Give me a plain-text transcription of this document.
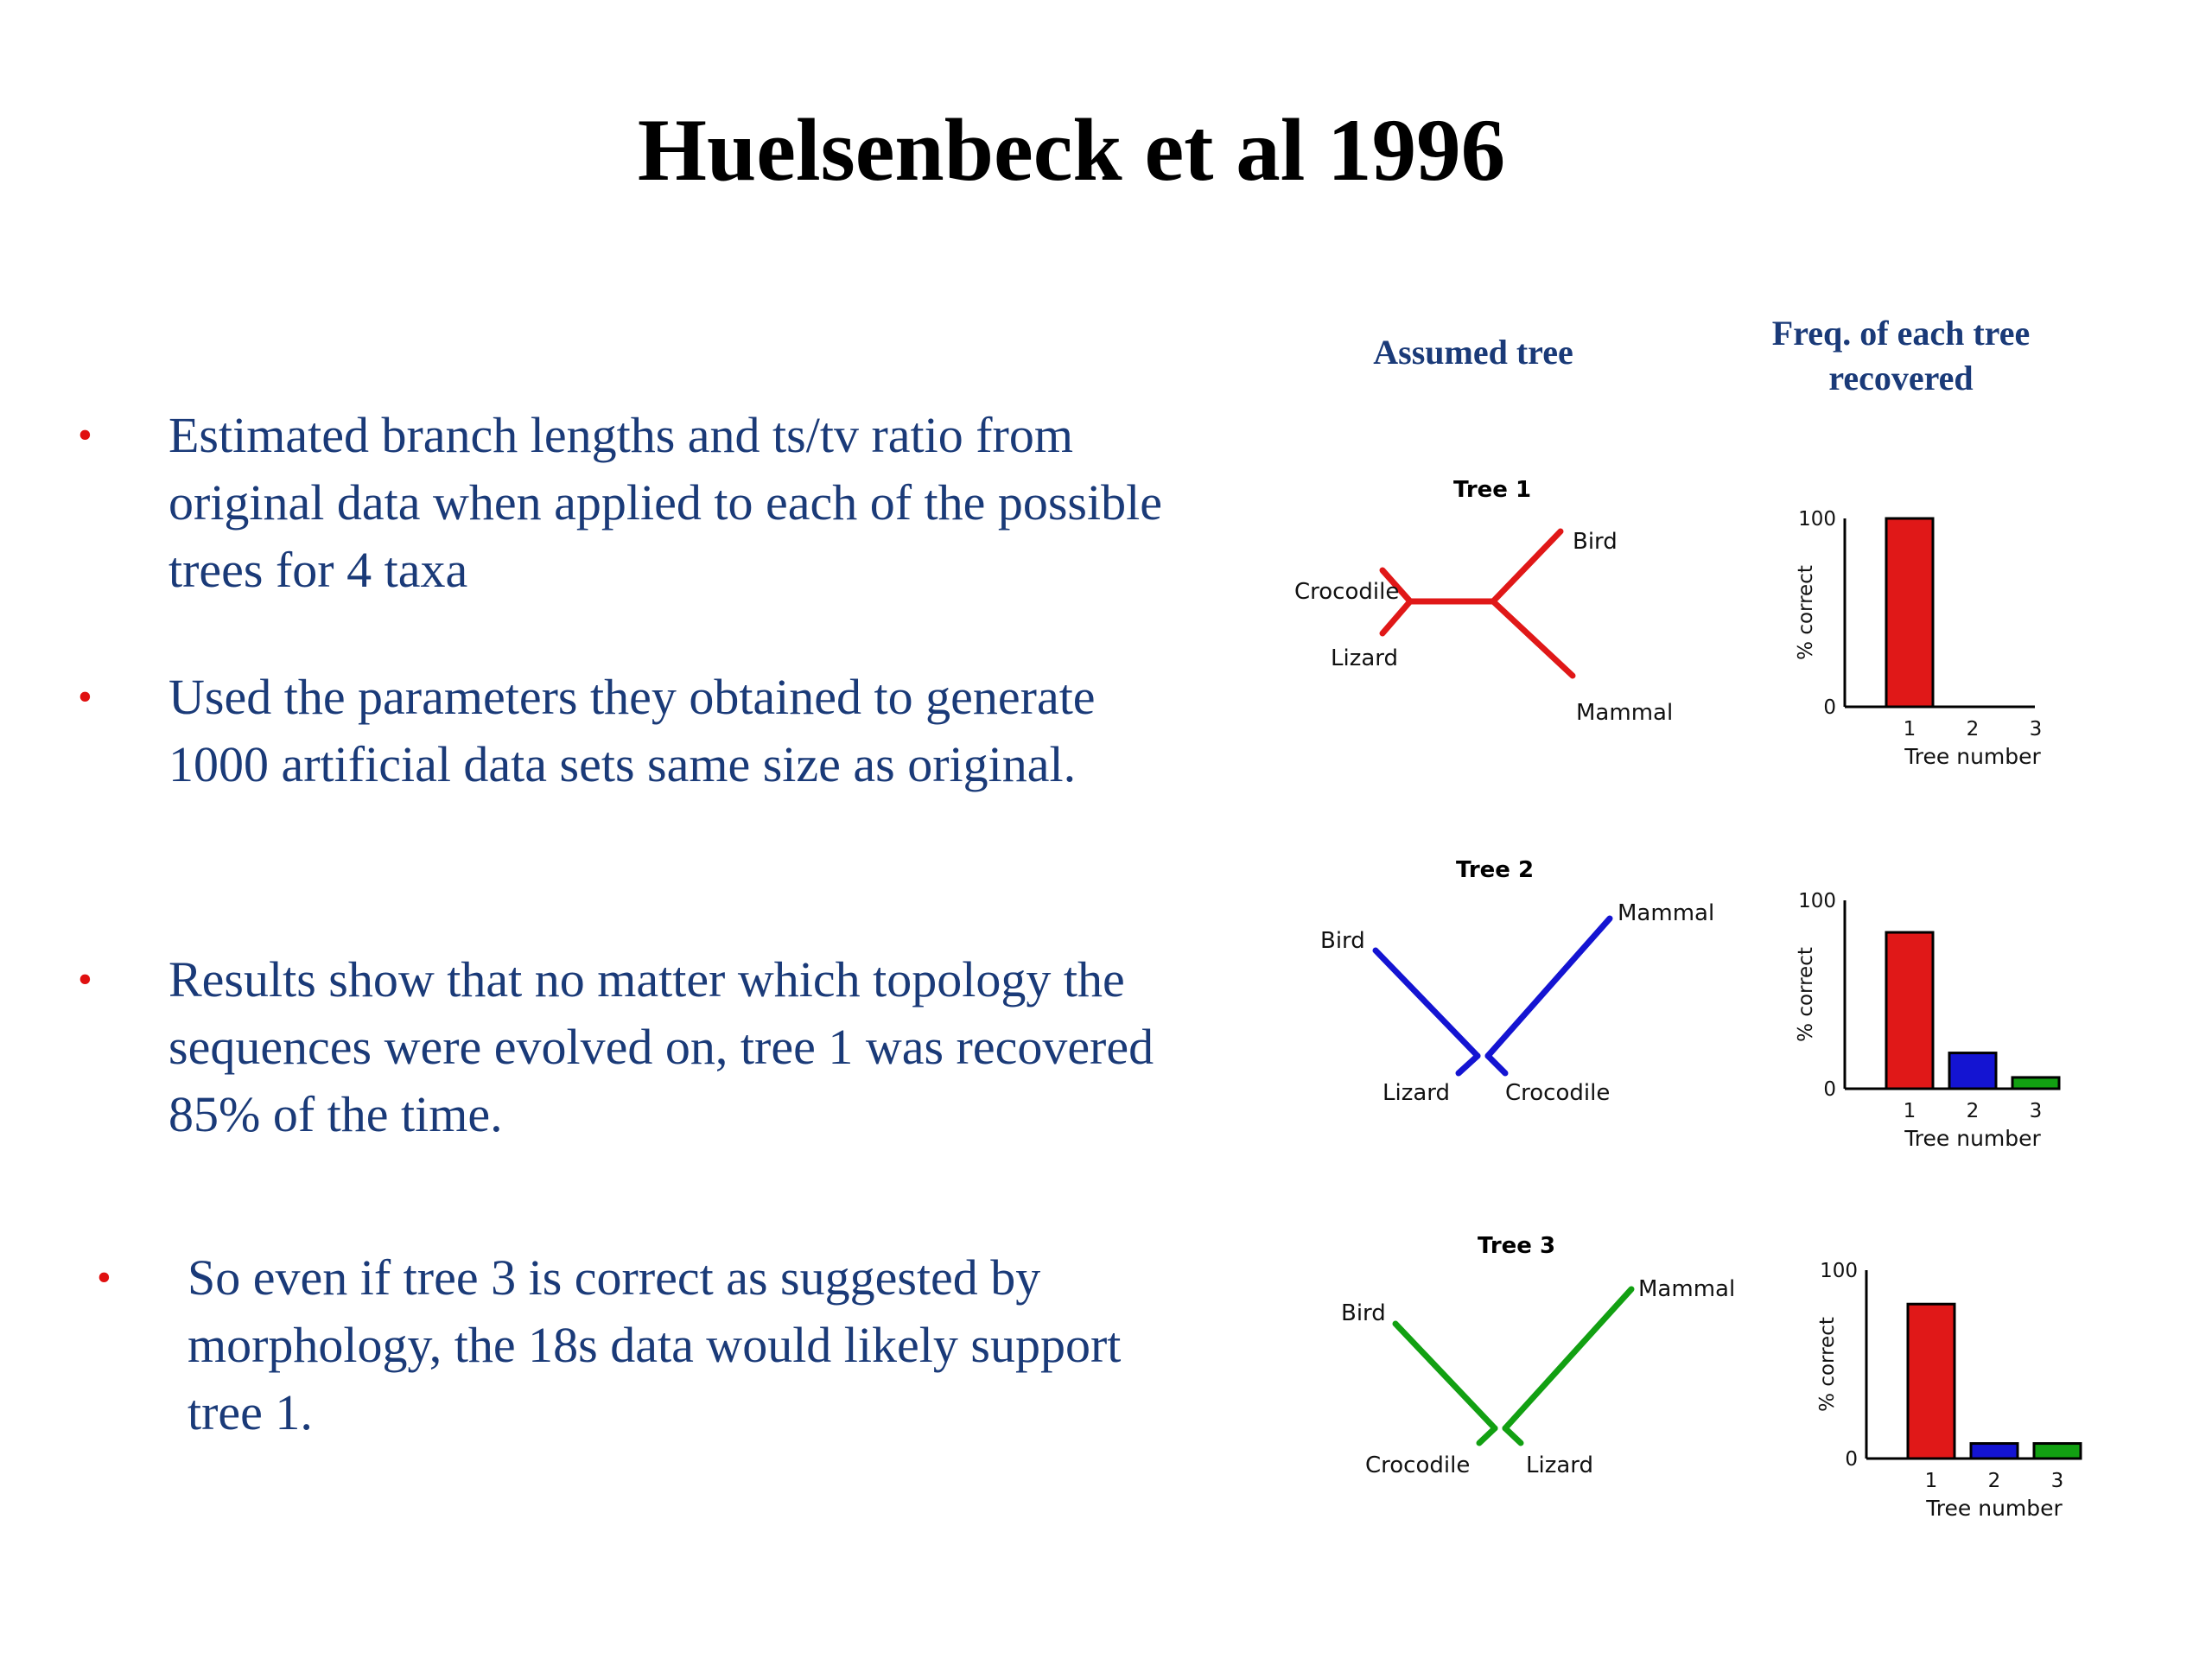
Huelsenbeck et al 1996
• Estimated branch lengths and ts/tv ratio from original data when applied to each of the possible trees for 4 taxa
• Used the parameters they obtained to generate 1000 artificial data sets same size as original.
• Results show that no matter which topology the sequences were evolved on, tree 1 was recovered 85% of the time.
• So even if tree 3 is correct as suggested by morphology, the 18s data would likely support tree 1.
Assumed tree	Freq. of each tree recovered
Tree 1
Crocodile
Lizard
Bird
Mammal
Tree 2
Bird
Lizard Crocodile
Mammal
Tree 3
Bird
Crocodile Lizard
Mammal
100
0
% correct
1	2	3
Tree number
100
0
% correct
1	2	3
Tree number
100
0
% correct
1	2	3
Tree number
